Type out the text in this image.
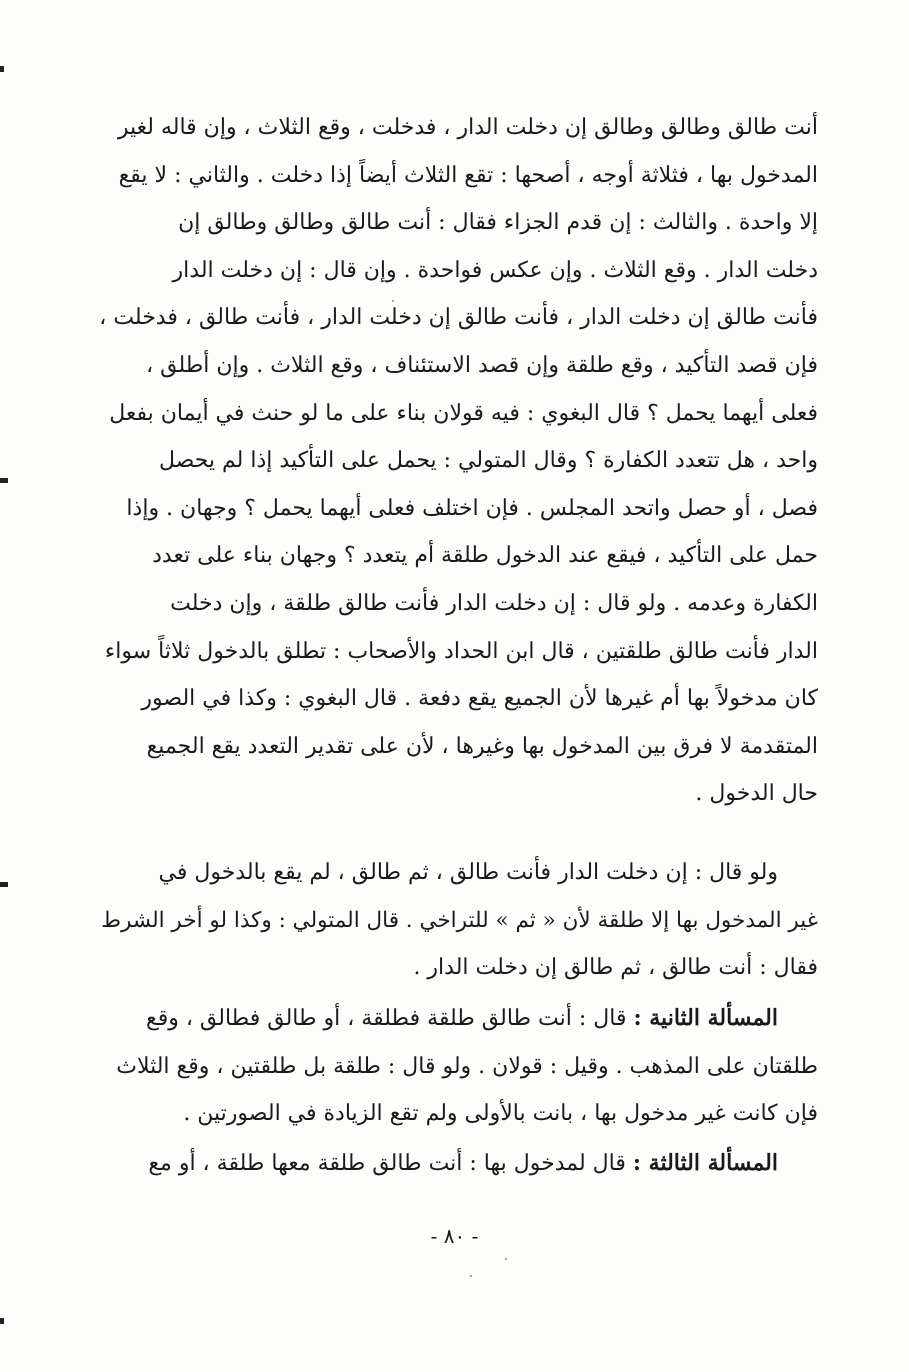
أنت طالق وطالق وطالق إن دخلت الدار ، فدخلت ، وقع الثلاث ، وإن قاله لغير
المدخول بها ، فثلاثة أوجه ، أصحها : تقع الثلاث أيضاً إذا دخلت . والثاني : لا يقع
إلا واحدة . والثالث : إن قدم الجزاء فقال : أنت طالق وطالق وطالق إن
دخلت الدار . وقع الثلاث . وإن عكس فواحدة . وإن قال : إن دخلت الدار
فأنت طالق إن دخلت الدار ، فأنت طالق إن دخلت الدار ، فأنت طالق ، فدخلت ،
فإن قصد التأكيد ، وقع طلقة وإن قصد الاستئناف ، وقع الثلاث . وإن أطلق ،
فعلى أيهما يحمل ؟ قال البغوي : فيه قولان بناء على ما لو حنث في أيمان بفعل
واحد ، هل تتعدد الكفارة ؟ وقال المتولي : يحمل على التأكيد إذا لم يحصل
فصل ، أو حصل واتحد المجلس . فإن اختلف فعلى أيهما يحمل ؟ وجهان . وإذا
حمل على التأكيد ، فيقع عند الدخول طلقة أم يتعدد ؟ وجهان بناء على تعدد
الكفارة وعدمه . ولو قال : إن دخلت الدار فأنت طالق طلقة ، وإن دخلت
الدار فأنت طالق طلقتين ، قال ابن الحداد والأصحاب : تطلق بالدخول ثلاثاً سواء
كان مدخولاً بها أم غيرها لأن الجميع يقع دفعة . قال البغوي : وكذا في الصور
المتقدمة لا فرق بين المدخول بها وغيرها ، لأن على تقدير التعدد يقع الجميع
حال الدخول .
ولو قال : إن دخلت الدار فأنت طالق ، ثم طالق ، لم يقع بالدخول في
غير المدخول بها إلا طلقة لأن « ثم » للتراخي . قال المتولي : وكذا لو أخر الشرط
فقال : أنت طالق ، ثم طالق إن دخلت الدار .
المسألة الثانية : قال : أنت طالق طلقة فطلقة ، أو طالق فطالق ، وقع
طلقتان على المذهب . وقيل : قولان . ولو قال : طلقة بل طلقتين ، وقع الثلاث
فإن كانت غير مدخول بها ، بانت بالأولى ولم تقع الزيادة في الصورتين .
المسألة الثالثة : قال لمدخول بها : أنت طالق طلقة معها طلقة ، أو مع
- ٨٠ -
